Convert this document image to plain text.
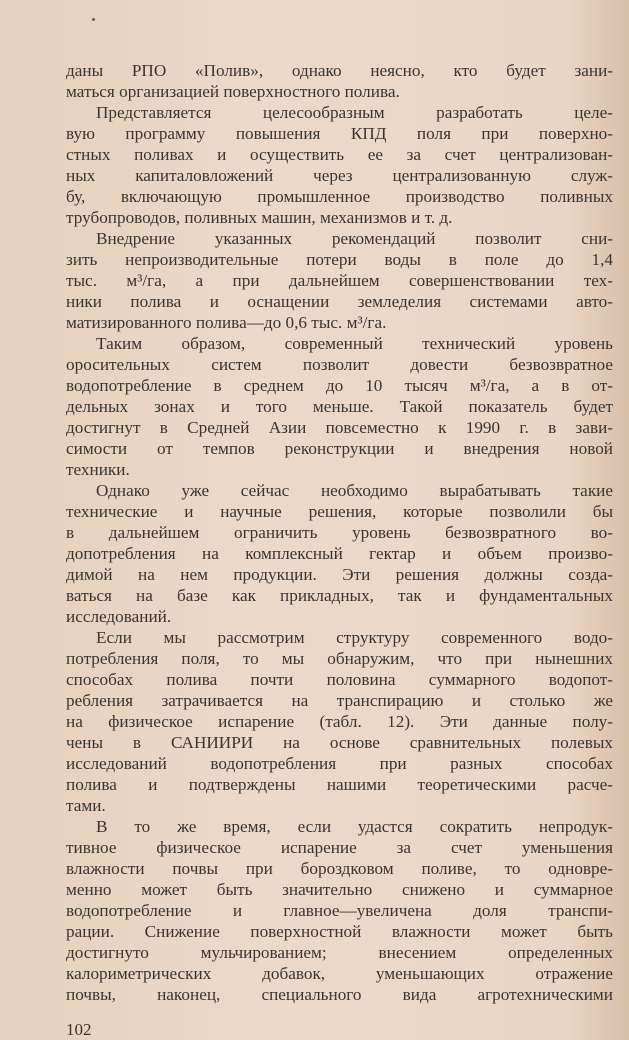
даны РПО «Полив», однако неясно, кто будет зани-
маться организацией поверхностного полива.
Представляется целесообразным разработать целе-
вую программу повышения КПД поля при поверхно-
стных поливах и осуществить ее за счет централизован-
ных капиталовложений через централизованную служ-
бу, включающую промышленное производство поливных
трубопроводов, поливных машин, механизмов и т. д.
Внедрение указанных рекомендаций позволит сни-
зить непроизводительные потери воды в поле до 1,4
тыс. м³/га, а при дальнейшем совершенствовании тех-
ники полива и оснащении земледелия системами авто-
матизированного полива—до 0,6 тыс. м³/га.
Таким образом, современный технический уровень
оросительных систем позволит довести безвозвратное
водопотребление в среднем до 10 тысяч м³/га, а в от-
дельных зонах и того меньше. Такой показатель будет
достигнут в Средней Азии повсеместно к 1990 г. в зави-
симости от темпов реконструкции и внедрения новой
техники.
Однако уже сейчас необходимо вырабатывать такие
технические и научные решения, которые позволили бы
в дальнейшем ограничить уровень безвозвратного во-
допотребления на комплексный гектар и объем произво-
димой на нем продукции. Эти решения должны созда-
ваться на базе как прикладных, так и фундаментальных
исследований.
Если мы рассмотрим структуру современного водо-
потребления поля, то мы обнаружим, что при нынешних
способах полива почти половина суммарного водопот-
ребления затрачивается на транспирацию и столько же
на физическое испарение (табл. 12). Эти данные полу-
чены в САНИИРИ на основе сравнительных полевых
исследований водопотребления при разных способах
полива и подтверждены нашими теоретическими расче-
тами.
В то же время, если удастся сократить непродук-
тивное физическое испарение за счет уменьшения
влажности почвы при бороздковом поливе, то одновре-
менно может быть значительно снижено и суммарное
водопотребление и главное—увеличена доля транспи-
рации. Снижение поверхностной влажности может быть
достигнуто мульчированием; внесением определенных
калориметрических добавок, уменьшающих отражение
почвы, наконец, специального вида агротехническими
102
